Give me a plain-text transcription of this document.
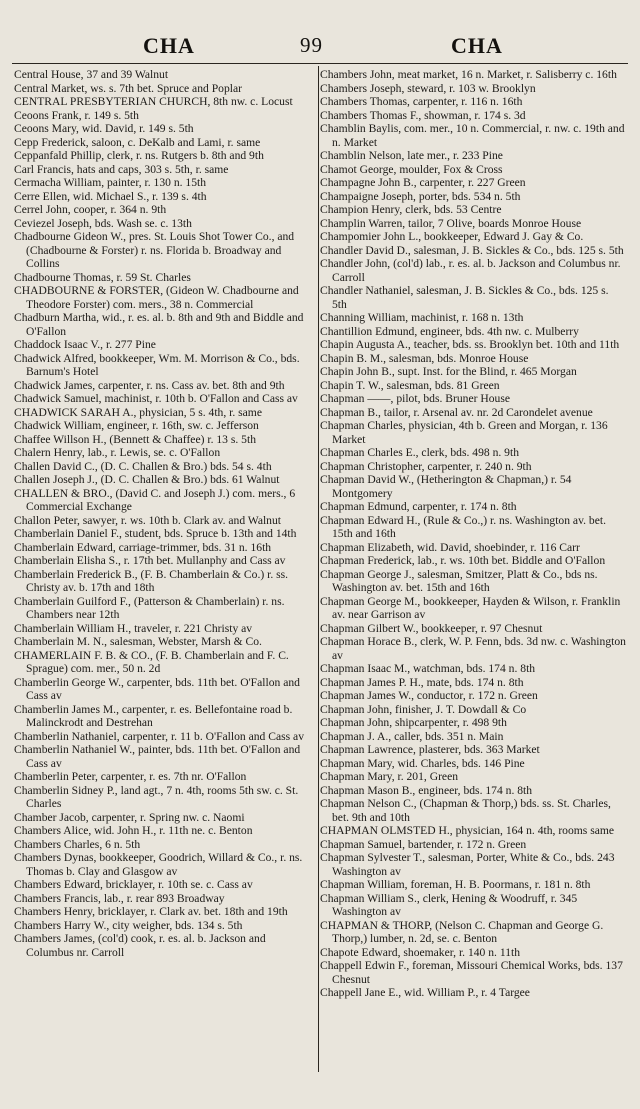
CHA	99	CHA
Central House, 37 and 39 Walnut
Central Market, ws. s. 7th bet. Spruce and Poplar
CENTRAL PRESBYTERIAN CHURCH, 8th nw. c. Locust
Ceoons Frank, r. 149 s. 5th
Ceoons Mary, wid. David, r. 149 s. 5th
Cepp Frederick, saloon, c. DeKalb and Lami, r. same
Ceppanfald Phillip, clerk, r. ns. Rutgers b. 8th and 9th
Carl Francis, hats and caps, 303 s. 5th, r. same
Cermacha William, painter, r. 130 n. 15th
Cerre Ellen, wid. Michael S., r. 139 s. 4th
Cerrel John, cooper, r. 364 n. 9th
Ceviezel Joseph, bds. Wash se. c. 13th
Chadbourne Gideon W., pres. St. Louis Shot Tower Co., and (Chadbourne & Forster) r. ns. Florida b. Broadway and Collins
Chadbourne Thomas, r. 59 St. Charles
CHADBOURNE & FORSTER, (Gideon W. Chadbourne and Theodore Forster) com. mers., 38 n. Commercial
Chadburn Martha, wid., r. es. al. b. 8th and 9th and Biddle and O'Fallon
Chaddock Isaac V., r. 277 Pine
Chadwick Alfred, bookkeeper, Wm. M. Morrison & Co., bds. Barnum's Hotel
Chadwick James, carpenter, r. ns. Cass av. bet. 8th and 9th
Chadwick Samuel, machinist, r. 10th b. O'Fallon and Cass av
CHADWICK SARAH A., physician, 5 s. 4th, r. same
Chadwick William, engineer, r. 16th, sw. c. Jefferson
Chaffee Willson H., (Bennett & Chaffee) r. 13 s. 5th
Chalern Henry, lab., r. Lewis, se. c. O'Fallon
Challen David C., (D. C. Challen & Bro.) bds. 54 s. 4th
Challen Joseph J., (D. C. Challen & Bro.) bds. 61 Walnut
CHALLEN & BRO., (David C. and Joseph J.) com. mers., 6 Commercial Exchange
Challon Peter, sawyer, r. ws. 10th b. Clark av. and Walnut
Chamberlain Daniel F., student, bds. Spruce b. 13th and 14th
Chamberlain Edward, carriage-trimmer, bds. 31 n. 16th
Chamberlain Elisha S., r. 17th bet. Mullanphy and Cass av
Chamberlain Frederick B., (F. B. Chamberlain & Co.) r. ss. Christy av. b. 17th and 18th
Chamberlain Guilford F., (Patterson & Chamberlain) r. ns. Chambers near 12th
Chamberlain William H., traveler, r. 221 Christy av
Chamberlain M. N., salesman, Webster, Marsh & Co.
CHAMERLAIN F. B. & CO., (F. B. Chamberlain and F. C. Sprague) com. mer., 50 n. 2d
Chamberlin George W., carpenter, bds. 11th bet. O'Fallon and Cass av
Chamberlin James M., carpenter, r. es. Bellefontaine road b. Malinckrodt and Destrehan
Chamberlin Nathaniel, carpenter, r. 11 b. O'Fallon and Cass av
Chamberlin Nathaniel W., painter, bds. 11th bet. O'Fallon and Cass av
Chamberlin Peter, carpenter, r. es. 7th nr. O'Fallon
Chamberlin Sidney P., land agt., 7 n. 4th, rooms 5th sw. c. St. Charles
Chamber Jacob, carpenter, r. Spring nw. c. Naomi
Chambers Alice, wid. John H., r. 11th ne. c. Benton
Chambers Charles, 6 n. 5th
Chambers Dynas, bookkeeper, Goodrich, Willard & Co., r. ns. Thomas b. Clay and Glasgow av
Chambers Edward, bricklayer, r. 10th se. c. Cass av
Chambers Francis, lab., r. rear 893 Broadway
Chambers Henry, bricklayer, r. Clark av. bet. 18th and 19th
Chambers Harry W., city weigher, bds. 134 s. 5th
Chambers James, (col'd) cook, r. es. al. b. Jackson and Columbus nr. Carroll
Chambers John, meat market, 16 n. Market, r. Salisberry c. 16th
Chambers Joseph, steward, r. 103 w. Brooklyn
Chambers Thomas, carpenter, r. 116 n. 16th
Chambers Thomas F., showman, r. 174 s. 3d
Chamblin Baylis, com. mer., 10 n. Commercial, r. nw. c. 19th and n. Market
Chamblin Nelson, late mer., r. 233 Pine
Chamot George, moulder, Fox & Cross
Champagne John B., carpenter, r. 227 Green
Champaigne Joseph, porter, bds. 534 n. 5th
Champion Henry, clerk, bds. 53 Centre
Champlin Warren, tailor, 7 Olive, boards Monroe House
Champomier John L., bookkeeper, Edward J. Gay & Co.
Chandler David D., salesman, J. B. Sickles & Co., bds. 125 s. 5th
Chandler John, (col'd) lab., r. es. al. b. Jackson and Columbus nr. Carroll
Chandler Nathaniel, salesman, J. B. Sickles & Co., bds. 125 s. 5th
Channing William, machinist, r. 168 n. 13th
Chantillion Edmund, engineer, bds. 4th nw. c. Mulberry
Chapin Augusta A., teacher, bds. ss. Brooklyn bet. 10th and 11th
Chapin B. M., salesman, bds. Monroe House
Chapin John B., supt. Inst. for the Blind, r. 465 Morgan
Chapin T. W., salesman, bds. 81 Green
Chapman ——, pilot, bds. Bruner House
Chapman B., tailor, r. Arsenal av. nr. 2d Carondelet avenue
Chapman Charles, physician, 4th b. Green and Morgan, r. 136 Market
Chapman Charles E., clerk, bds. 498 n. 9th
Chapman Christopher, carpenter, r. 240 n. 9th
Chapman David W., (Hetherington & Chapman,) r. 54 Montgomery
Chapman Edmund, carpenter, r. 174 n. 8th
Chapman Edward H., (Rule & Co.,) r. ns. Washington av. bet. 15th and 16th
Chapman Elizabeth, wid. David, shoebinder, r. 116 Carr
Chapman Frederick, lab., r. ws. 10th bet. Biddle and O'Fallon
Chapman George J., salesman, Smitzer, Platt & Co., bds ns. Washington av. bet. 15th and 16th
Chapman George M., bookkeeper, Hayden & Wilson, r. Franklin av. near Garrison av
Chapman Gilbert W., bookkeeper, r. 97 Chesnut
Chapman Horace B., clerk, W. P. Fenn, bds. 3d nw. c. Washington av
Chapman Isaac M., watchman, bds. 174 n. 8th
Chapman James P. H., mate, bds. 174 n. 8th
Chapman James W., conductor, r. 172 n. Green
Chapman John, finisher, J. T. Dowdall & Co
Chapman John, shipcarpenter, r. 498 9th
Chapman J. A., caller, bds. 351 n. Main
Chapman Lawrence, plasterer, bds. 363 Market
Chapman Mary, wid. Charles, bds. 146 Pine
Chapman Mary, r. 201, Green
Chapman Mason B., engineer, bds. 174 n. 8th
Chapman Nelson C., (Chapman & Thorp,) bds. ss. St. Charles, bet. 9th and 10th
CHAPMAN OLMSTED H., physician, 164 n. 4th, rooms same
Chapman Samuel, bartender, r. 172 n. Green
Chapman Sylvester T., salesman, Porter, White & Co., bds. 243 Washington av
Chapman William, foreman, H. B. Poormans, r. 181 n. 8th
Chapman William S., clerk, Hening & Woodruff, r. 345 Washington av
CHAPMAN & THORP, (Nelson C. Chapman and George G. Thorp,) lumber, n. 2d, se. c. Benton
Chapote Edward, shoemaker, r. 140 n. 11th
Chappell Edwin F., foreman, Missouri Chemical Works, bds. 137 Chesnut
Chappell Jane E., wid. William P., r. 4 Targee
